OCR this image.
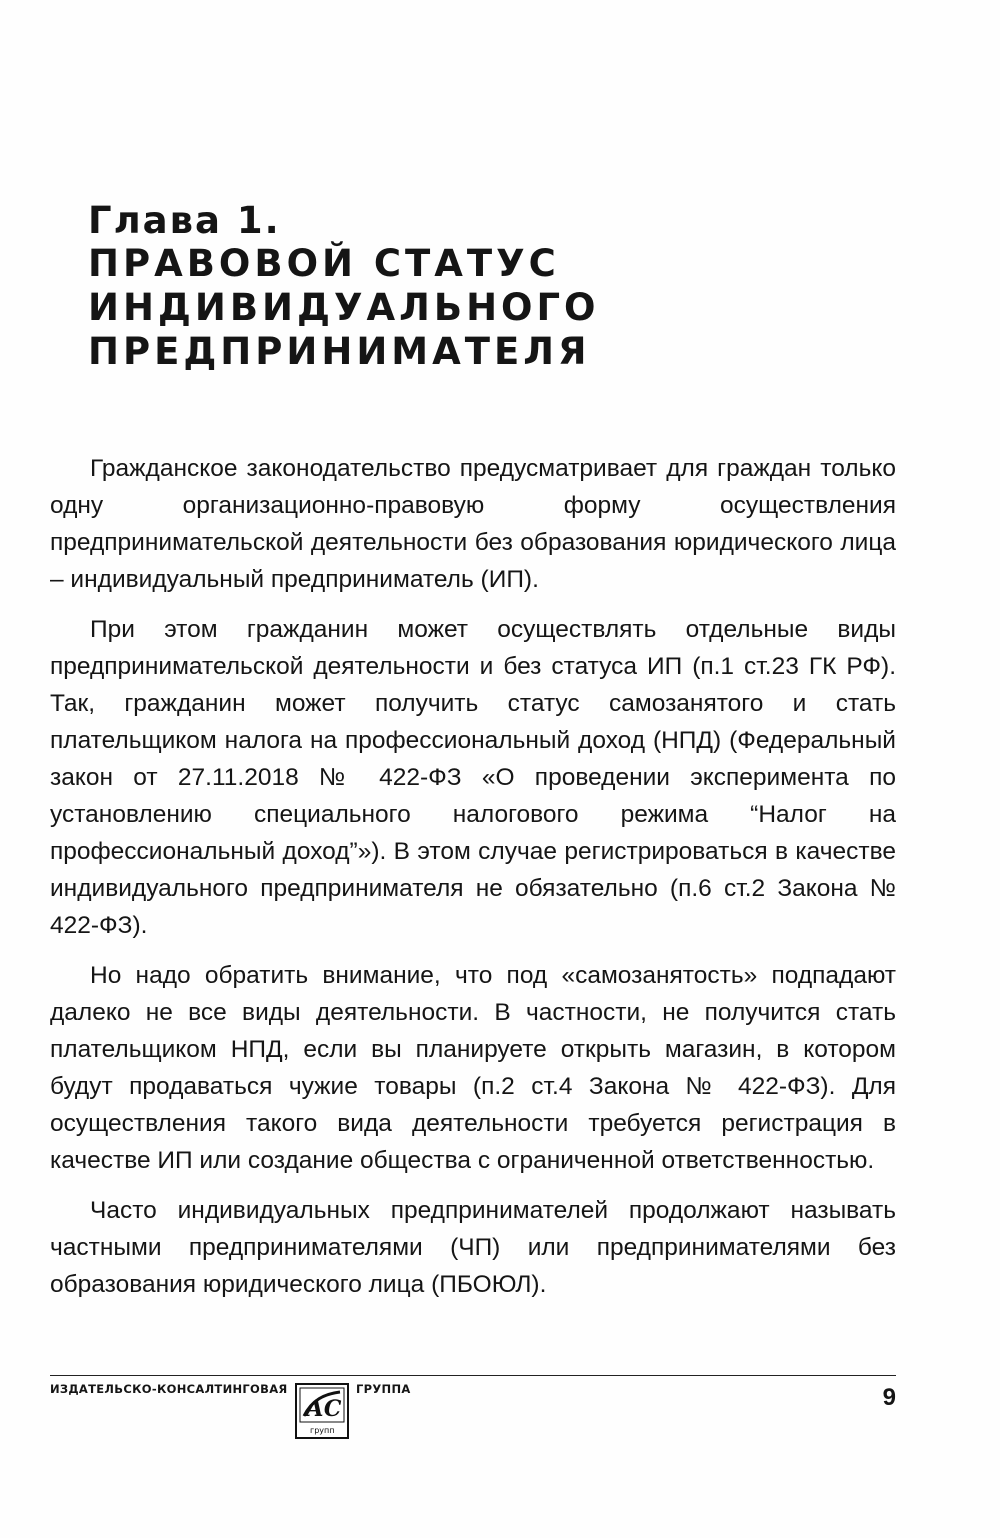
Глава 1.

ПРАВОВОЙ СТАТУС

ИНДИВИДУАЛЬНОГО

ПРЕДПРИНИМАТЕЛЯ

Гражданское законодательство предусматривает для граждан только одну организационно-правовую форму осуществления предпринимательской деятельности без образования юридического лица – индивидуальный предприниматель (ИП).

При этом гражданин может осуществлять отдельные виды предпринимательской деятельности и без статуса ИП (п.1 ст.23 ГК РФ). Так, гражданин может получить статус самозанятого и стать плательщиком налога на профессиональный доход (НПД) (Федеральный закон от 27.11.2018 № 422-ФЗ «О проведении эксперимента по установлению специального налогового режима “Налог на профессиональный доход”»). В этом случае регистрироваться в качестве индивидуального предпринимателя не обязательно (п.6 ст.2 Закона № 422-ФЗ).

Но надо обратить внимание, что под «самозанятость» подпадают далеко не все виды деятельности. В частности, не получится стать плательщиком НПД, если вы планируете открыть магазин, в котором будут продаваться чужие товары (п.2 ст.4 Закона № 422-ФЗ). Для осуществления такого вида деятельности требуется регистрация в качестве ИП или создание общества с ограниченной ответственностью.

Часто индивидуальных предпринимателей продолжают называть частными предпринимателями (ЧП) или предпринимателями без образования юридического лица (ПБОЮЛ).

ИЗДАТЕЛЬСКО-КОНСАЛТИНГОВАЯ
АС
групп
ГРУППА	9
